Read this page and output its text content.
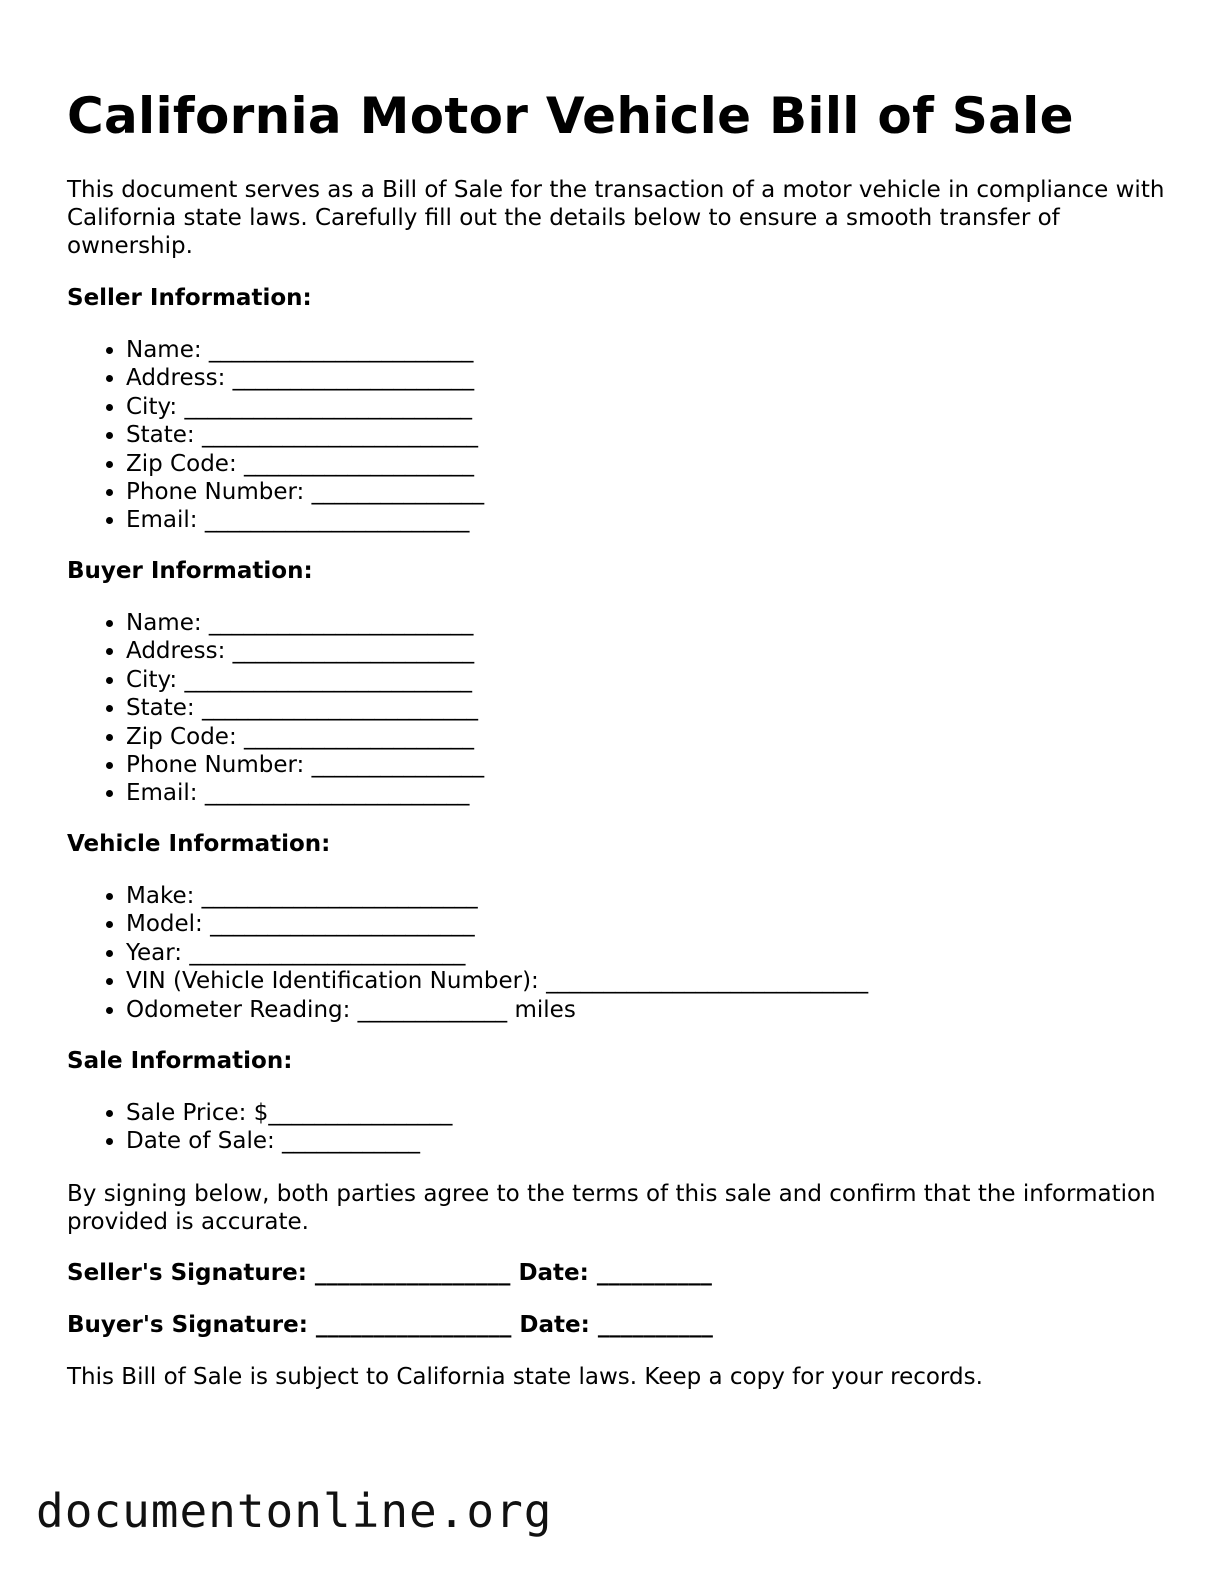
California Motor Vehicle Bill of Sale

This document serves as a Bill of Sale for the transaction of a motor vehicle in compliance with California state laws. Carefully fill out the details below to ensure a smooth transfer of ownership.

Seller Information:
• Name: _______________________
• Address: _____________________
• City: _________________________
• State: ________________________
• Zip Code: ____________________
• Phone Number: _______________
• Email: _______________________
Buyer Information:
• Name: _______________________
• Address: _____________________
• City: _________________________
• State: ________________________
• Zip Code: ____________________
• Phone Number: _______________
• Email: _______________________
Vehicle Information:
• Make: ________________________
• Model: _______________________
• Year: ________________________
• VIN (Vehicle Identification Number): ____________________________
• Odometer Reading: _____________ miles
Sale Information:
• Sale Price: $________________
• Date of Sale: ____________

By signing below, both parties agree to the terms of this sale and confirm that the information provided is accurate.

Seller's Signature: _________________ Date: __________

Buyer's Signature: _________________ Date: __________

This Bill of Sale is subject to California state laws. Keep a copy for your records.

documentonline.org
